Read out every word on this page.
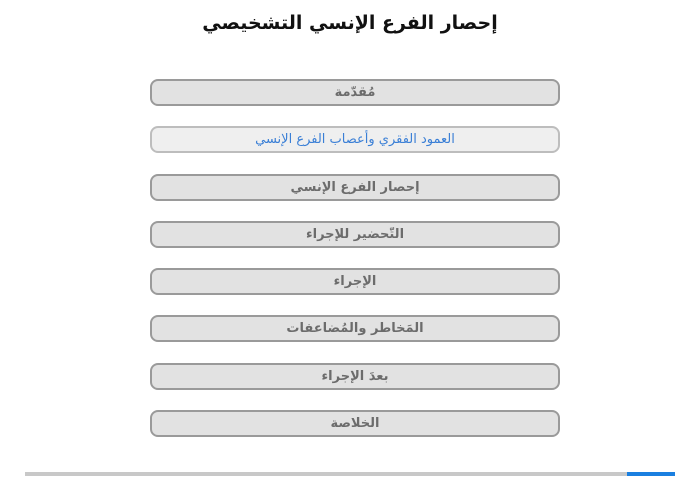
إحصار الفرع الإنسي التشخيصي
مُقدّمة
العمود الفقري وأعصاب الفرع الإنسي
إحصار الفرع الإنسي
التّحضير للإجراء
الإجراء
المَخاطر والمُضاعفات
بعدَ الإجراء
الخلاصة
